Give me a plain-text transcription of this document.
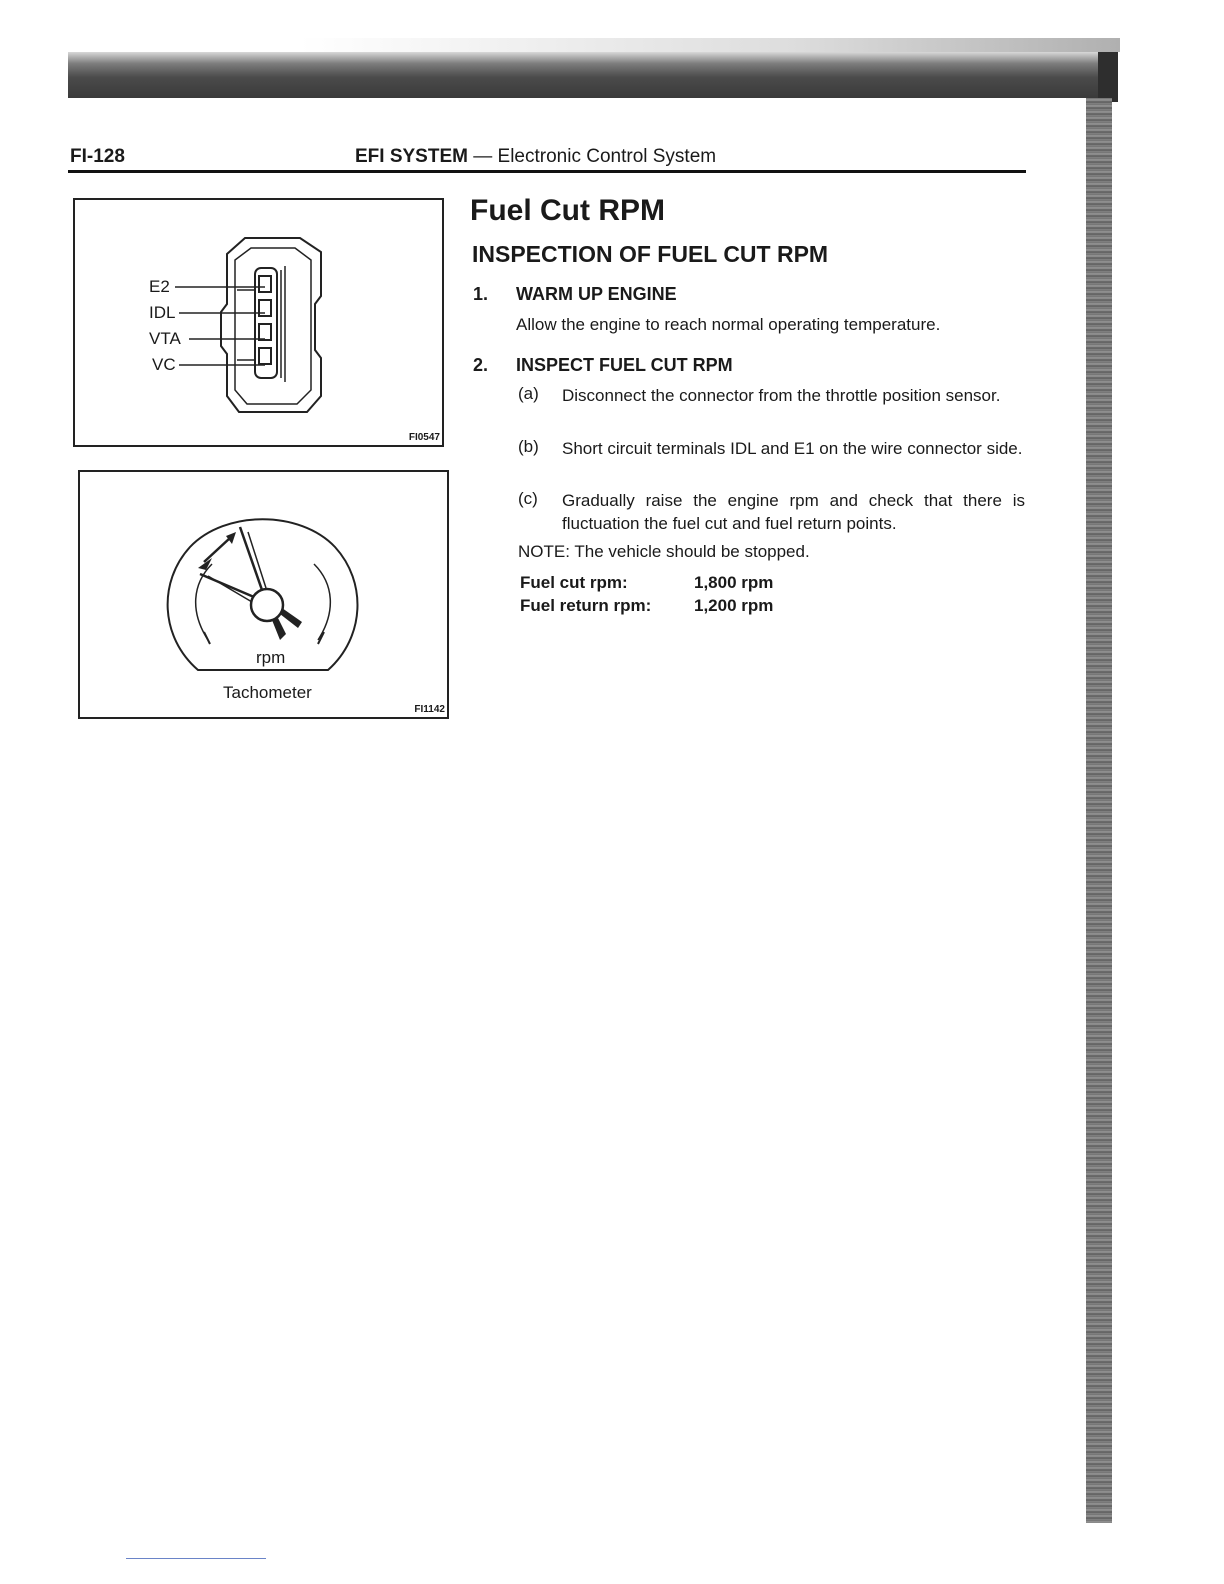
FI-128	EFI SYSTEM — Electronic Control System
E2
IDL
VTA
VC
FI0547
rpm
Tachometer
FI1142
Fuel Cut RPM
INSPECTION OF FUEL CUT RPM
1. WARM UP ENGINE
Allow the engine to reach normal operating temperature.
2. INSPECT FUEL CUT RPM
(a) Disconnect the connector from the throttle position sensor.
(b) Short circuit terminals IDL and E1 on the wire connector side.
(c) Gradually raise the engine rpm and check that there is fluctuation the fuel cut and fuel return points.
NOTE: The vehicle should be stopped.
Fuel cut rpm:	1,800 rpm
Fuel return rpm:	1,200 rpm
